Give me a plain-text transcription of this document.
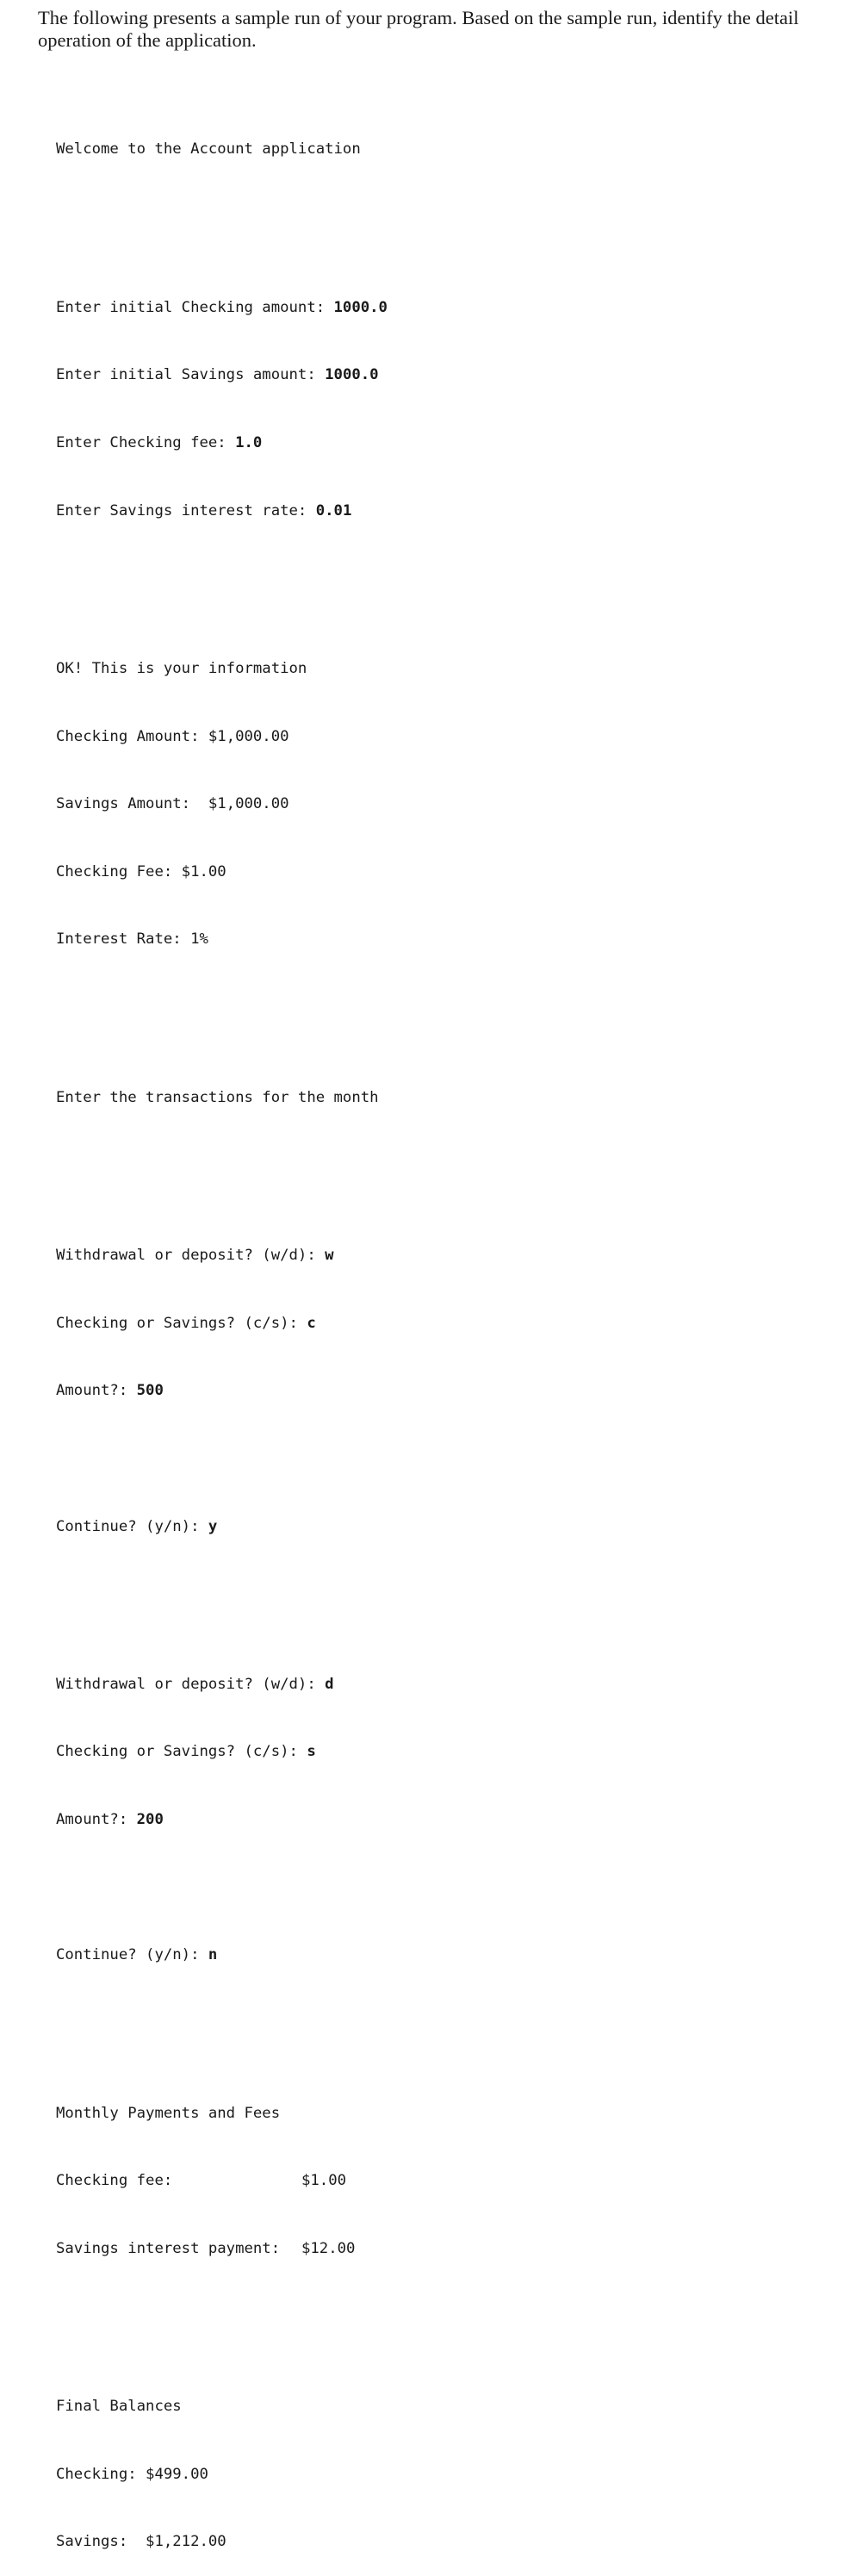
The following presents a sample run of your program. Based on the sample run, identify the detail operation of the application.

Welcome to the Account application

Enter initial Checking amount: 1000.0

Enter initial Savings amount: 1000.0

Enter Checking fee: 1.0

Enter Savings interest rate: 0.01

OK! This is your information

Checking Amount: $1,000.00

Savings Amount:  $1,000.00

Checking Fee: $1.00

Interest Rate: 1%

Enter the transactions for the month

Withdrawal or deposit? (w/d): w

Checking or Savings? (c/s): c

Amount?: 500

Continue? (y/n): y

Withdrawal or deposit? (w/d): d

Checking or Savings? (c/s): s

Amount?: 200

Continue? (y/n): n

Monthly Payments and Fees

Checking fee:	$1.00

Savings interest payment: $12.00

Final Balances

Checking: $499.00

Savings:  $1,212.00
